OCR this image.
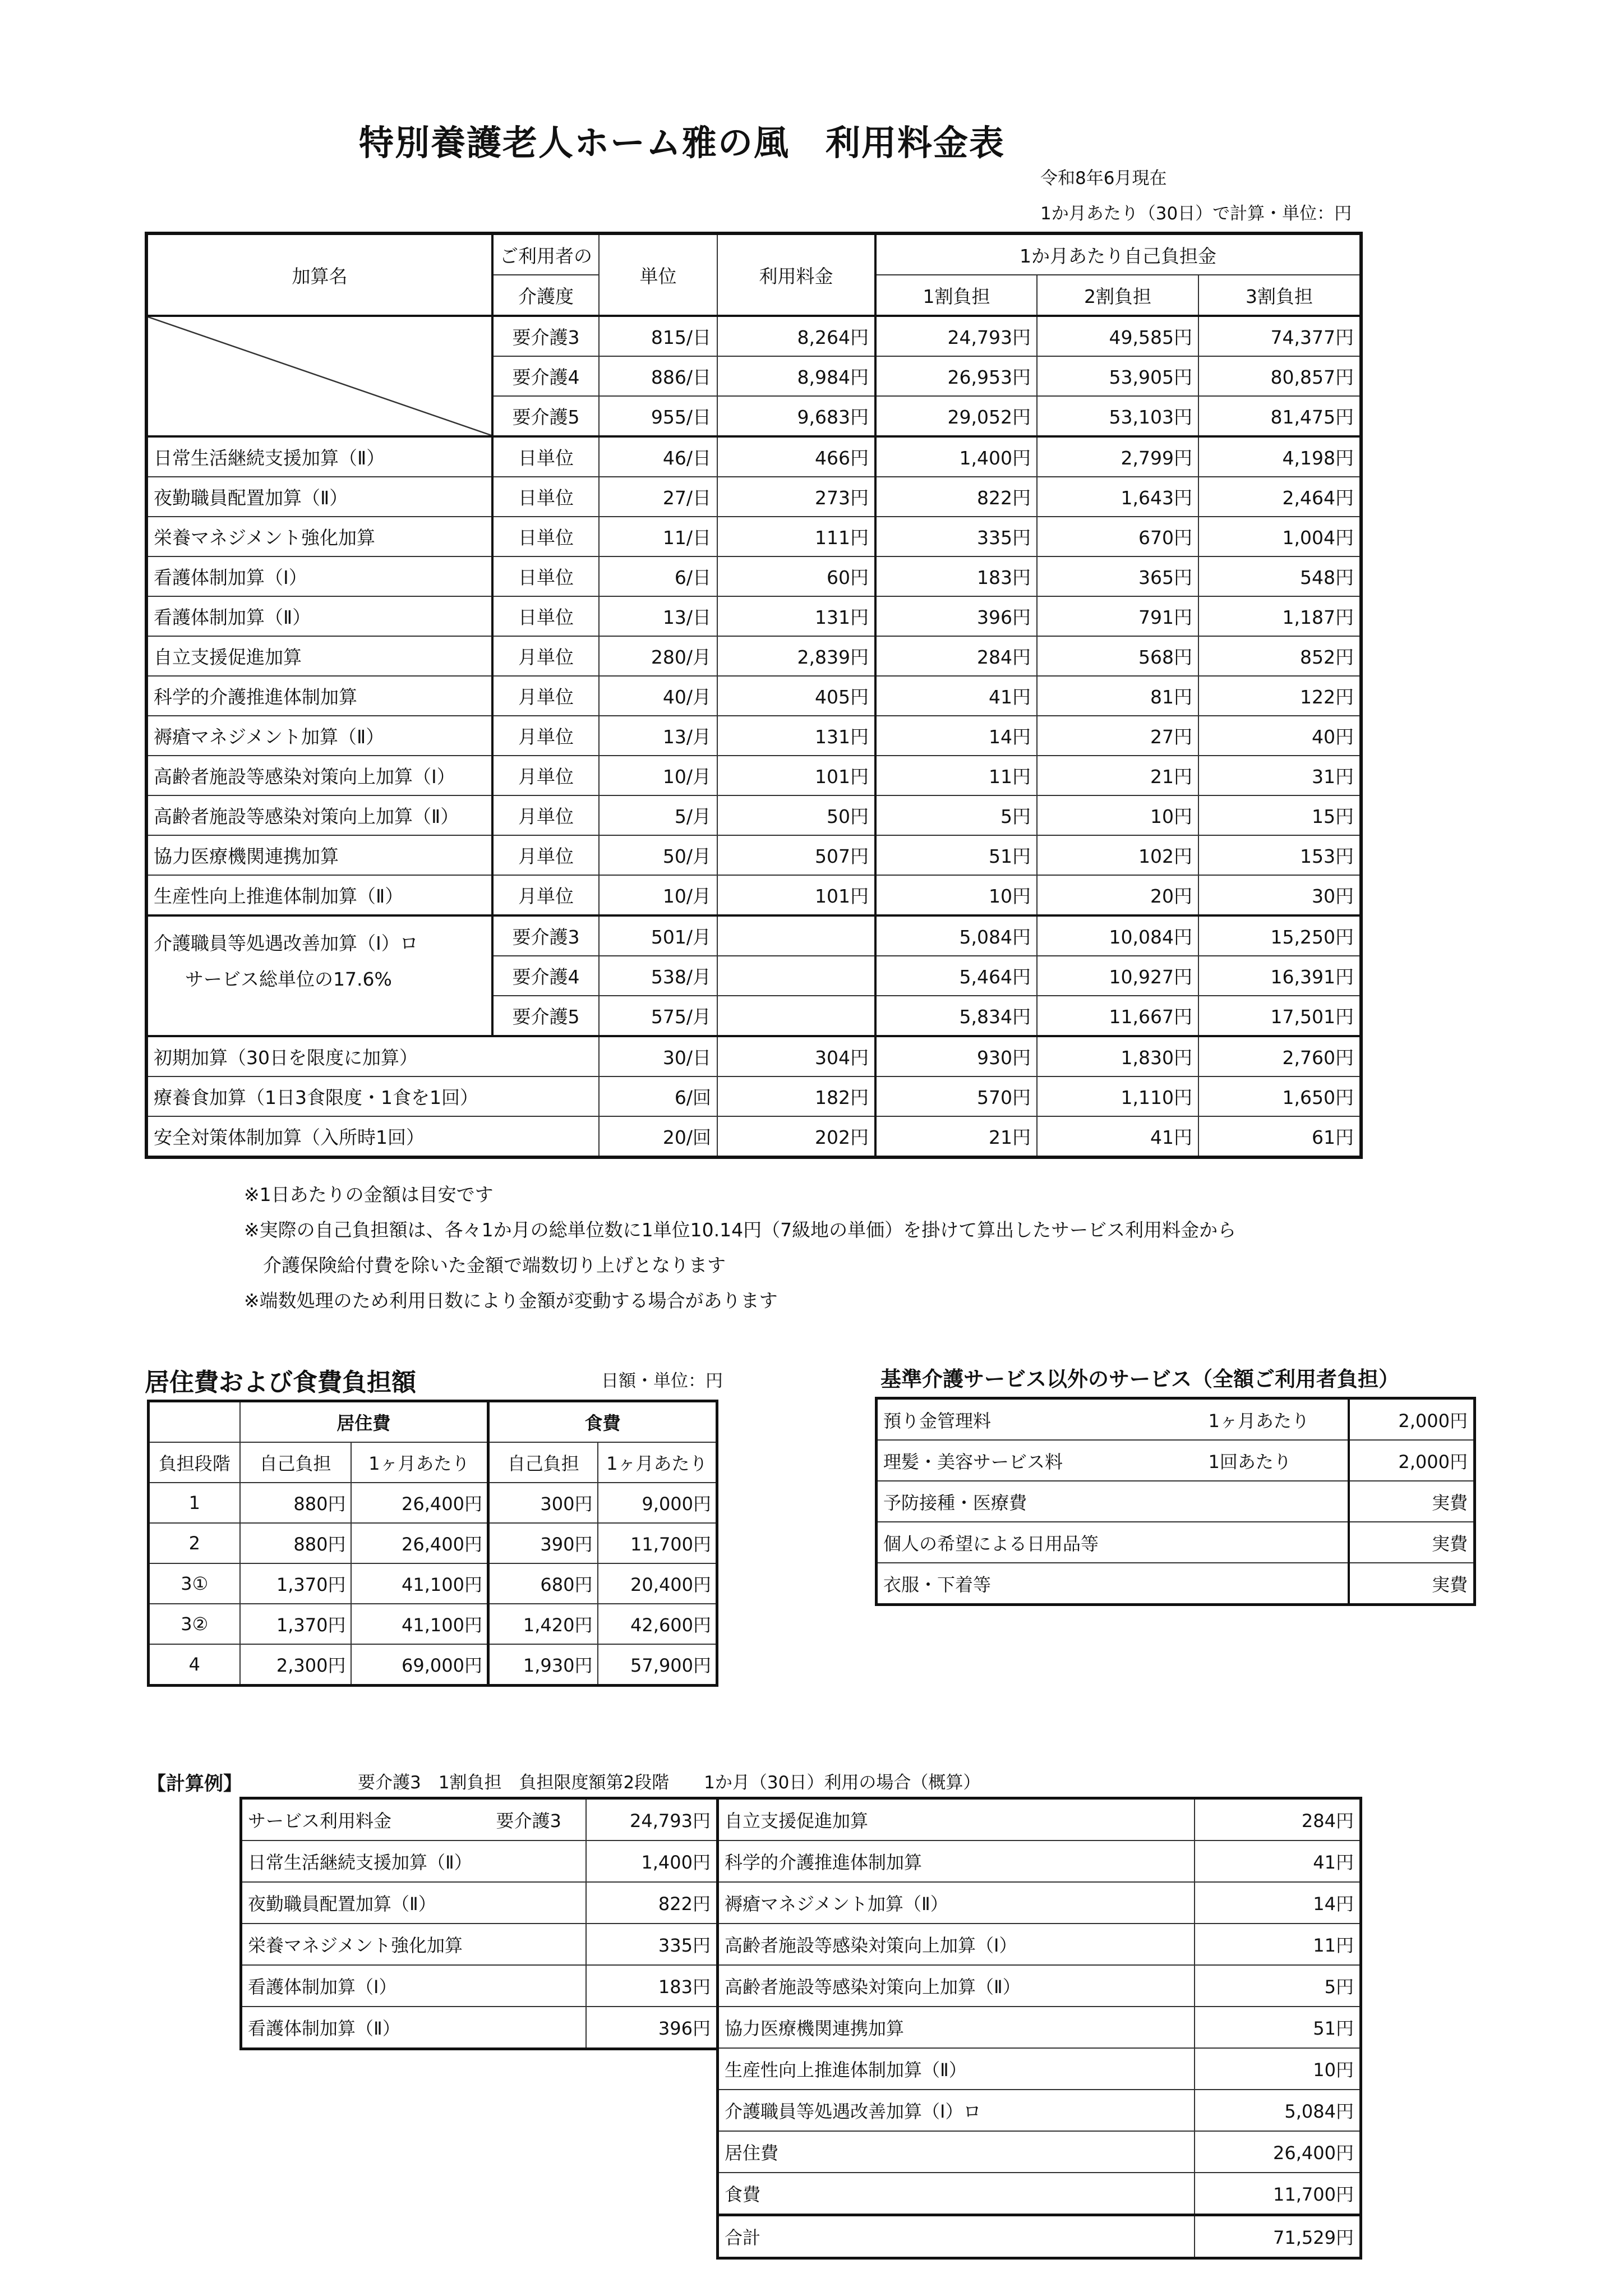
特別養護老人ホーム雅の風　利用料金表
令和8年6月現在
1か月あたり（30日）で計算・単位：円
加算名	ご利用者の	単位	利用料金	1か月あたり自己負担金		
	介護度			1割負担	2割負担	3割負担
	要介護3	815/日	8,264円	24,793円	49,585円	74,377円
	要介護4	886/日	8,984円	26,953円	53,905円	80,857円
	要介護5	955/日	9,683円	29,052円	53,103円	81,475円
日常生活継続支援加算（Ⅱ）	日単位	46/日	466円	1,400円	2,799円	4,198円
夜勤職員配置加算（Ⅱ）	日単位	27/日	273円	822円	1,643円	2,464円
栄養マネジメント強化加算	日単位	11/日	111円	335円	670円	1,004円
看護体制加算（Ⅰ）	日単位	6/日	60円	183円	365円	548円
看護体制加算（Ⅱ）	日単位	13/日	131円	396円	791円	1,187円
自立支援促進加算	月単位	280/月	2,839円	284円	568円	852円
科学的介護推進体制加算	月単位	40/月	405円	41円	81円	122円
褥瘡マネジメント加算（Ⅱ）	月単位	13/月	131円	14円	27円	40円
高齢者施設等感染対策向上加算（Ⅰ）	月単位	10/月	101円	11円	21円	31円
高齢者施設等感染対策向上加算（Ⅱ）	月単位	5/月	50円	5円	10円	15円
協力医療機関連携加算	月単位	50/月	507円	51円	102円	153円
生産性向上推進体制加算（Ⅱ）	月単位	10/月	101円	10円	20円	30円

介護職員等処遇改善加算（Ⅰ）ロ
サービス総単位の17.6%	要介護3	501/月		5,084円	10,084円	15,250円
	要介護4	538/月		5,464円	10,927円	16,391円
	要介護5	575/月		5,834円	11,667円	17,501円
初期加算（30日を限度に加算）		30/日	304円	930円	1,830円	2,760円
療養食加算（1日3食限度・1食を1回）		6/回	182円	570円	1,110円	1,650円
安全対策体制加算（入所時1回）		20/回	202円	21円	41円	61円
※1日あたりの金額は目安です
※実際の自己負担額は、各々1か月の総単位数に1単位10.14円（7級地の単価）を掛けて算出したサービス利用料金から
介護保険給付費を除いた金額で端数切り上げとなります
※端数処理のため利用日数により金額が変動する場合があります
居住費および食費負担額	日額・単位：円
	居住費		食費	
負担段階	自己負担	1ヶ月あたり	自己負担	1ヶ月あたり
1	880円	26,400円	300円	9,000円
2	880円	26,400円	390円	11,700円
3①	1,370円	41,100円	680円	20,400円
3②	1,370円	41,100円	1,420円	42,600円
4	2,300円	69,000円	1,930円	57,900円
基準介護サービス以外のサービス（全額ご利用者負担）
預り金管理料	1ヶ月あたり	2,000円
理髪・美容サービス料	1回あたり	2,000円
予防接種・医療費		実費
個人の希望による日用品等		実費
衣服・下着等		実費
【計算例】	要介護3　1割負担　負担限度額第2段階　　1か月（30日）利用の場合（概算）
サービス利用料金	要介護3	24,793円
日常生活継続支援加算（Ⅱ）		1,400円
夜勤職員配置加算（Ⅱ）		822円
栄養マネジメント強化加算		335円
看護体制加算（Ⅰ）		183円
看護体制加算（Ⅱ）		396円
自立支援促進加算	284円
科学的介護推進体制加算	41円
褥瘡マネジメント加算（Ⅱ）	14円
高齢者施設等感染対策向上加算（Ⅰ）	11円
高齢者施設等感染対策向上加算（Ⅱ）	5円
協力医療機関連携加算	51円
生産性向上推進体制加算（Ⅱ）	10円
介護職員等処遇改善加算（Ⅰ）ロ	5,084円
居住費	26,400円
食費	11,700円
合計	71,529円
